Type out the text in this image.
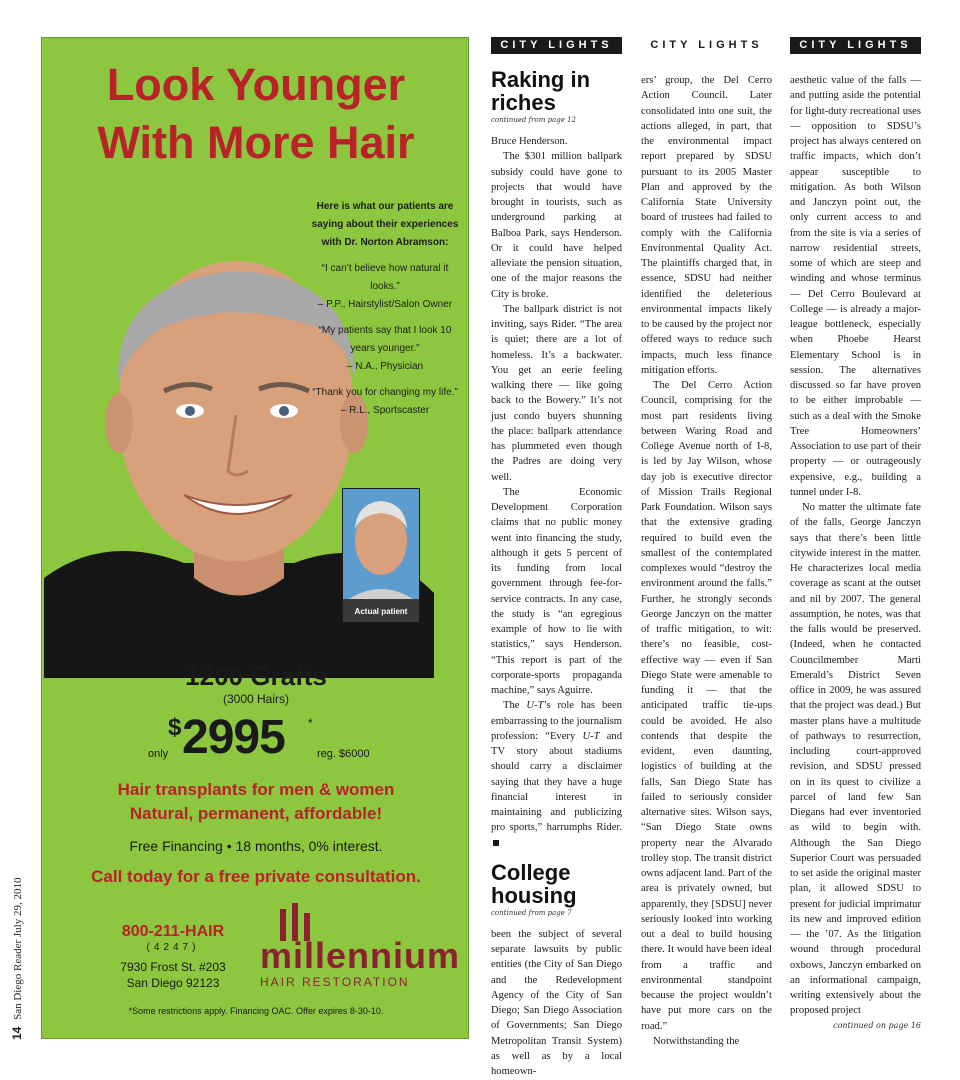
14 San Diego Reader July 29, 2010
Look Younger
With More Hair
Here is what our patients are saying about their experiences with Dr. Norton Abramson:
“I can’t believe how natural it looks.”
– P.P., Hairstylist/Salon Owner
“My patients say that I look 10 years younger.”
– N.A., Physician
“Thank you for changing my life.”
– R.L., Sportscaster
Actual patient
1200 Grafts
(3000 Hairs)
only
$ 2995 *
reg. $6000
Hair transplants for men & women
Natural, permanent, affordable!
Free Financing • 18 months, 0% interest.
Call today for a free private consultation.
800-211-HAIR
(4247)
7930 Frost St. #203
San Diego 92123
millennium
HAIR RESTORATION
*Some restrictions apply. Financing OAC. Offer expires 8-30-10.
CITY LIGHTS
Raking in riches
continued from page 12

Bruce Henderson.

The $301 million ballpark subsidy could have gone to projects that would have brought in tourists, such as underground parking at Balboa Park, says Henderson. Or it could have helped alleviate the pension situation, one of the major reasons the City is broke.

The ballpark district is not inviting, says Rider. “The area is quiet; there are a lot of homeless. It’s a backwater. You get an eerie feeling walking there — like going back to the Bowery.” It’s not just condo buyers shunning the place: ballpark attendance has plummeted even though the Padres are doing very well.

The Economic Development Corporation claims that no public money went into financing the study, although it gets 5 percent of its funding from local government through fee-for-service contracts. In any case, the study is “an egregious example of how to lie with statistics,” says Henderson. “This report is part of the corporate-sports propaganda machine,” says Aguirre.

The U-T’s role has been embarrassing to the journalism profession: “Every U-T and TV story about stadiums should carry a disclaimer saying that they have a huge financial interest in maintaining and publicizing pro sports,” harrumphs Rider.

College housing
continued from page 7

been the subject of several separate lawsuits by public entities (the City of San Diego and the Redevelopment Agency of the City of San Diego; San Diego Association of Governments; San Diego Metropolitan Transit System) as well as by a local homeown-

CITY LIGHTS

ers’ group, the Del Cerro Action Council. Later consolidated into one suit, the actions alleged, in part, that the environmental impact report prepared by SDSU pursuant to its 2005 Master Plan and approved by the California State University board of trustees had failed to comply with the California Environmental Quality Act. The plaintiffs charged that, in essence, SDSU had neither identified the deleterious environmental impacts likely to be caused by the project nor offered ways to reduce such impacts, much less finance mitigation efforts.

The Del Cerro Action Council, comprising for the most part residents living between Waring Road and College Avenue north of I-8, is led by Jay Wilson, whose day job is executive director of Mission Trails Regional Park Foundation. Wilson says that the extensive grading required to build even the smallest of the contemplated complexes would “destroy the environment around the falls.” Further, he strongly seconds George Janczyn on the matter of traffic mitigation, to wit: there’s no feasible, cost-effective way — even if San Diego State were amenable to funding it — that the anticipated traffic tie-ups could be avoided. He also contends that despite the evident, even daunting, logistics of building at the falls, San Diego State has failed to seriously consider alternative sites. Wilson says, “San Diego State owns property near the Alvarado trolley stop. The transit district owns adjacent land. Part of the area is privately owned, but apparently, they [SDSU] never seriously looked into working out a deal to build housing there. It would have been ideal from a traffic and environmental standpoint because the project wouldn’t have put more cars on the road.”

Notwithstanding the

CITY LIGHTS

aesthetic value of the falls — and putting aside the potential for light-duty recreational uses — opposition to SDSU’s project has always centered on traffic impacts, which don’t appear susceptible to mitigation. As both Wilson and Janczyn point out, the only current access to and from the site is via a series of narrow residential streets, some of which are steep and winding and whose terminus — Del Cerro Boulevard at College — is already a major-league bottleneck, especially when Phoebe Hearst Elementary School is in session. The alternatives discussed so far have proven to be either improbable — such as a deal with the Smoke Tree Homeowners’ Association to use part of their property — or outrageously expensive, e.g., building a tunnel under I-8.

No matter the ultimate fate of the falls, George Janczyn says that there’s been little citywide interest in the matter. He characterizes local media coverage as scant at the outset and nil by 2007. The general assumption, he notes, was that the falls would be preserved. (Indeed, when he contacted Councilmember Marti Emerald’s District Seven office in 2009, he was assured that the project was dead.) But master plans have a multitude of pathways to resurrection, including court-approved revision, and SDSU pressed on in its quest to civilize a parcel of land few San Diegans had ever inventoried as wild to begin with. Although the San Diego Superior Court was persuaded to set aside the original master plan, it allowed SDSU to present for judicial imprimatur its new and improved edition — the ’07. As the litigation wound through procedural oxbows, Janczyn embarked on an informational campaign, writing extensively about the proposed project

continued on page 16
